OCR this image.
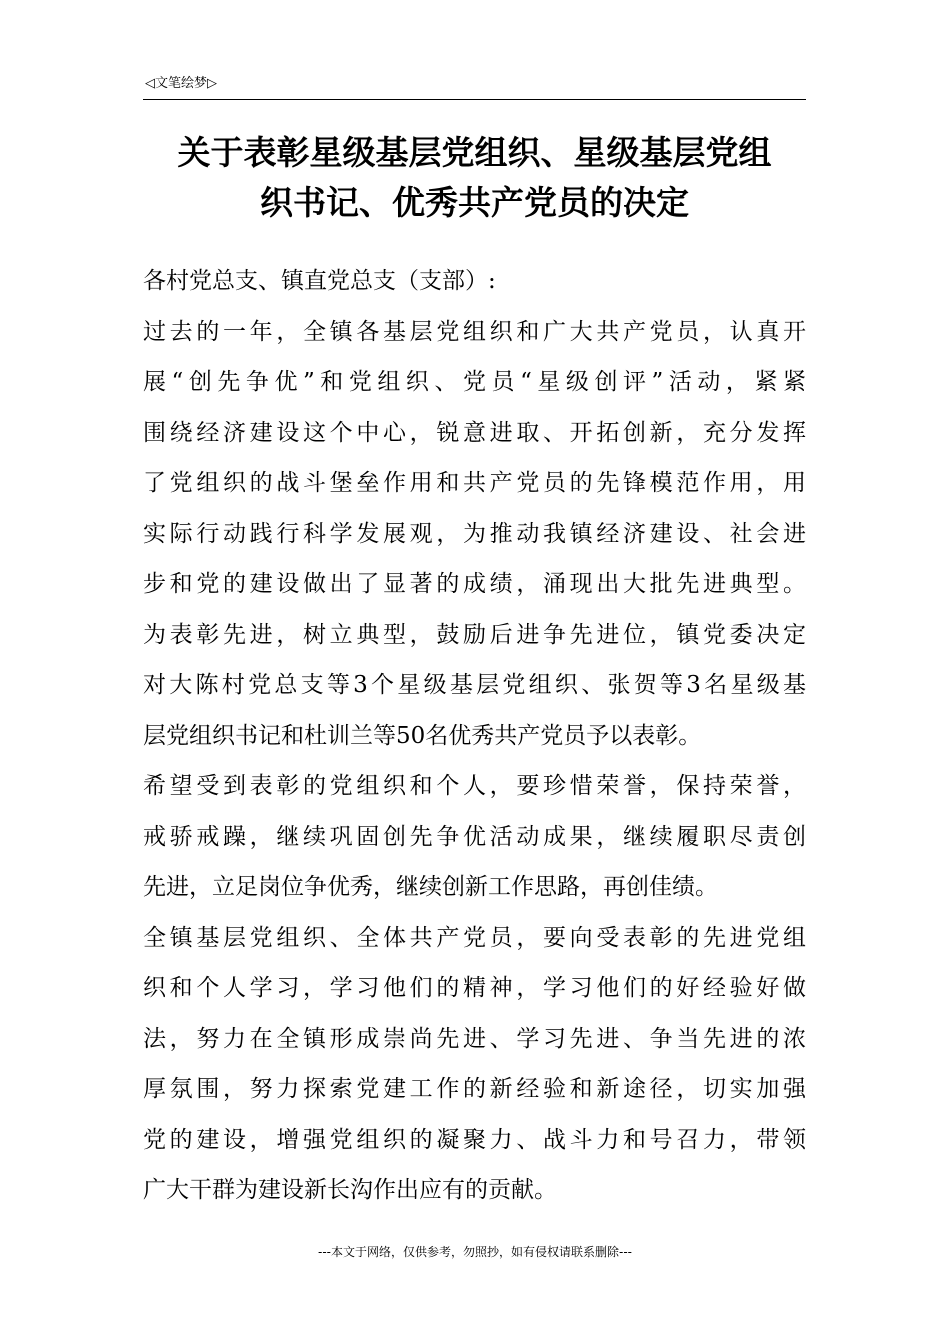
◁文笔绘梦▷
关于表彰星级基层党组织、星级基层党组
织书记、优秀共产党员的决定
各村党总支、镇直党总支（支部）:
过去的一年，全镇各基层党组织和广大共产党员，认真开
展“创先争优”和党组织、党员“星级创评”活动，紧紧
围绕经济建设这个中心，锐意进取、开拓创新，充分发挥
了党组织的战斗堡垒作用和共产党员的先锋模范作用，用
实际行动践行科学发展观，为推动我镇经济建设、社会进
步和党的建设做出了显著的成绩，涌现出大批先进典型。
为表彰先进，树立典型，鼓励后进争先进位，镇党委决定
对大陈村党总支等3个星级基层党组织、张贺等3名星级基
层党组织书记和杜训兰等50名优秀共产党员予以表彰。
希望受到表彰的党组织和个人，要珍惜荣誉，保持荣誉，
戒骄戒躁，继续巩固创先争优活动成果，继续履职尽责创
先进，立足岗位争优秀，继续创新工作思路，再创佳绩。
全镇基层党组织、全体共产党员，要向受表彰的先进党组
织和个人学习，学习他们的精神，学习他们的好经验好做
法，努力在全镇形成崇尚先进、学习先进、争当先进的浓
厚氛围，努力探索党建工作的新经验和新途径，切实加强
党的建设，增强党组织的凝聚力、战斗力和号召力，带领
广大干群为建设新长沟作出应有的贡献。
---本文于网络，仅供参考，勿照抄，如有侵权请联系删除---
